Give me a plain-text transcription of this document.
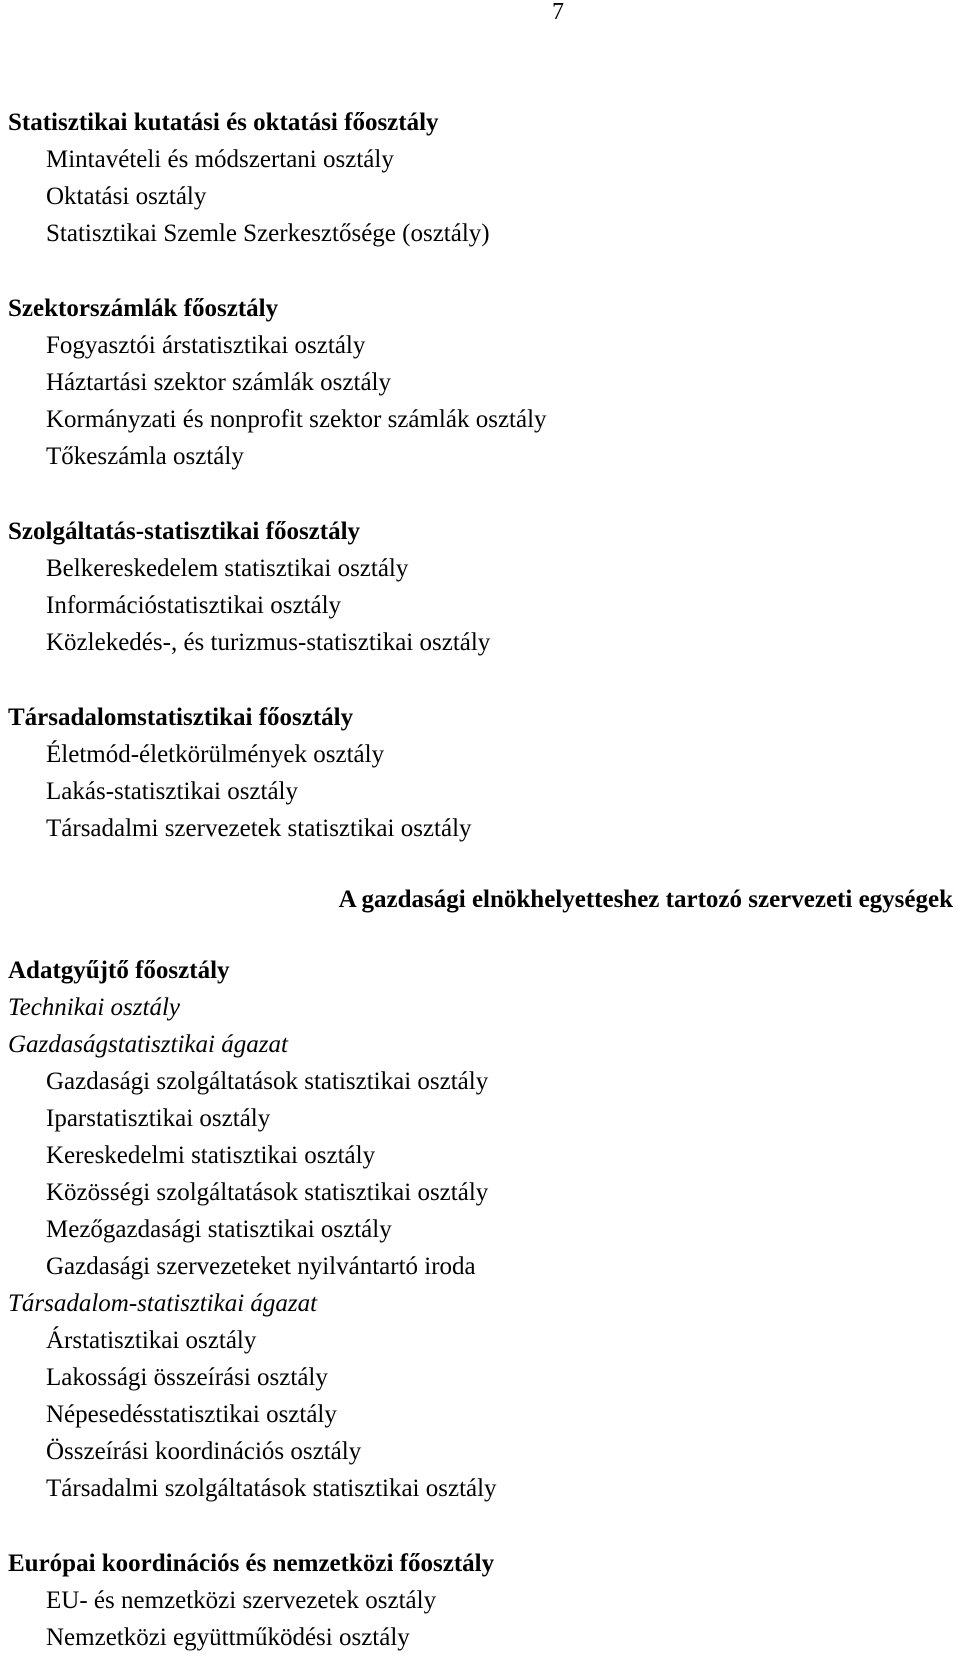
7
Statisztikai kutatási és oktatási főosztály
Mintavételi és módszertani osztály
Oktatási osztály
Statisztikai Szemle Szerkesztősége (osztály)
Szektorszámlák főosztály
Fogyasztói árstatisztikai osztály
Háztartási szektor számlák osztály
Kormányzati és nonprofit szektor számlák osztály
Tőkeszámla osztály
Szolgáltatás-statisztikai főosztály
Belkereskedelem statisztikai osztály
Információstatisztikai osztály
Közlekedés-, és turizmus-statisztikai osztály
Társadalomstatisztikai főosztály
Életmód-életkörülmények osztály
Lakás-statisztikai osztály
Társadalmi szervezetek statisztikai osztály
A gazdasági elnökhelyetteshez tartozó szervezeti egységek
Adatgyűjtő főosztály
Technikai osztály
Gazdaságstatisztikai ágazat
Gazdasági szolgáltatások statisztikai osztály
Iparstatisztikai osztály
Kereskedelmi statisztikai osztály
Közösségi szolgáltatások statisztikai osztály
Mezőgazdasági statisztikai osztály
Gazdasági szervezeteket nyilvántartó iroda
Társadalom-statisztikai ágazat
Árstatisztikai osztály
Lakossági összeírási osztály
Népesedésstatisztikai osztály
Összeírási koordinációs osztály
Társadalmi szolgáltatások statisztikai osztály
Európai koordinációs és nemzetközi főosztály
EU- és nemzetközi szervezetek osztály
Nemzetközi együttműködési osztály
